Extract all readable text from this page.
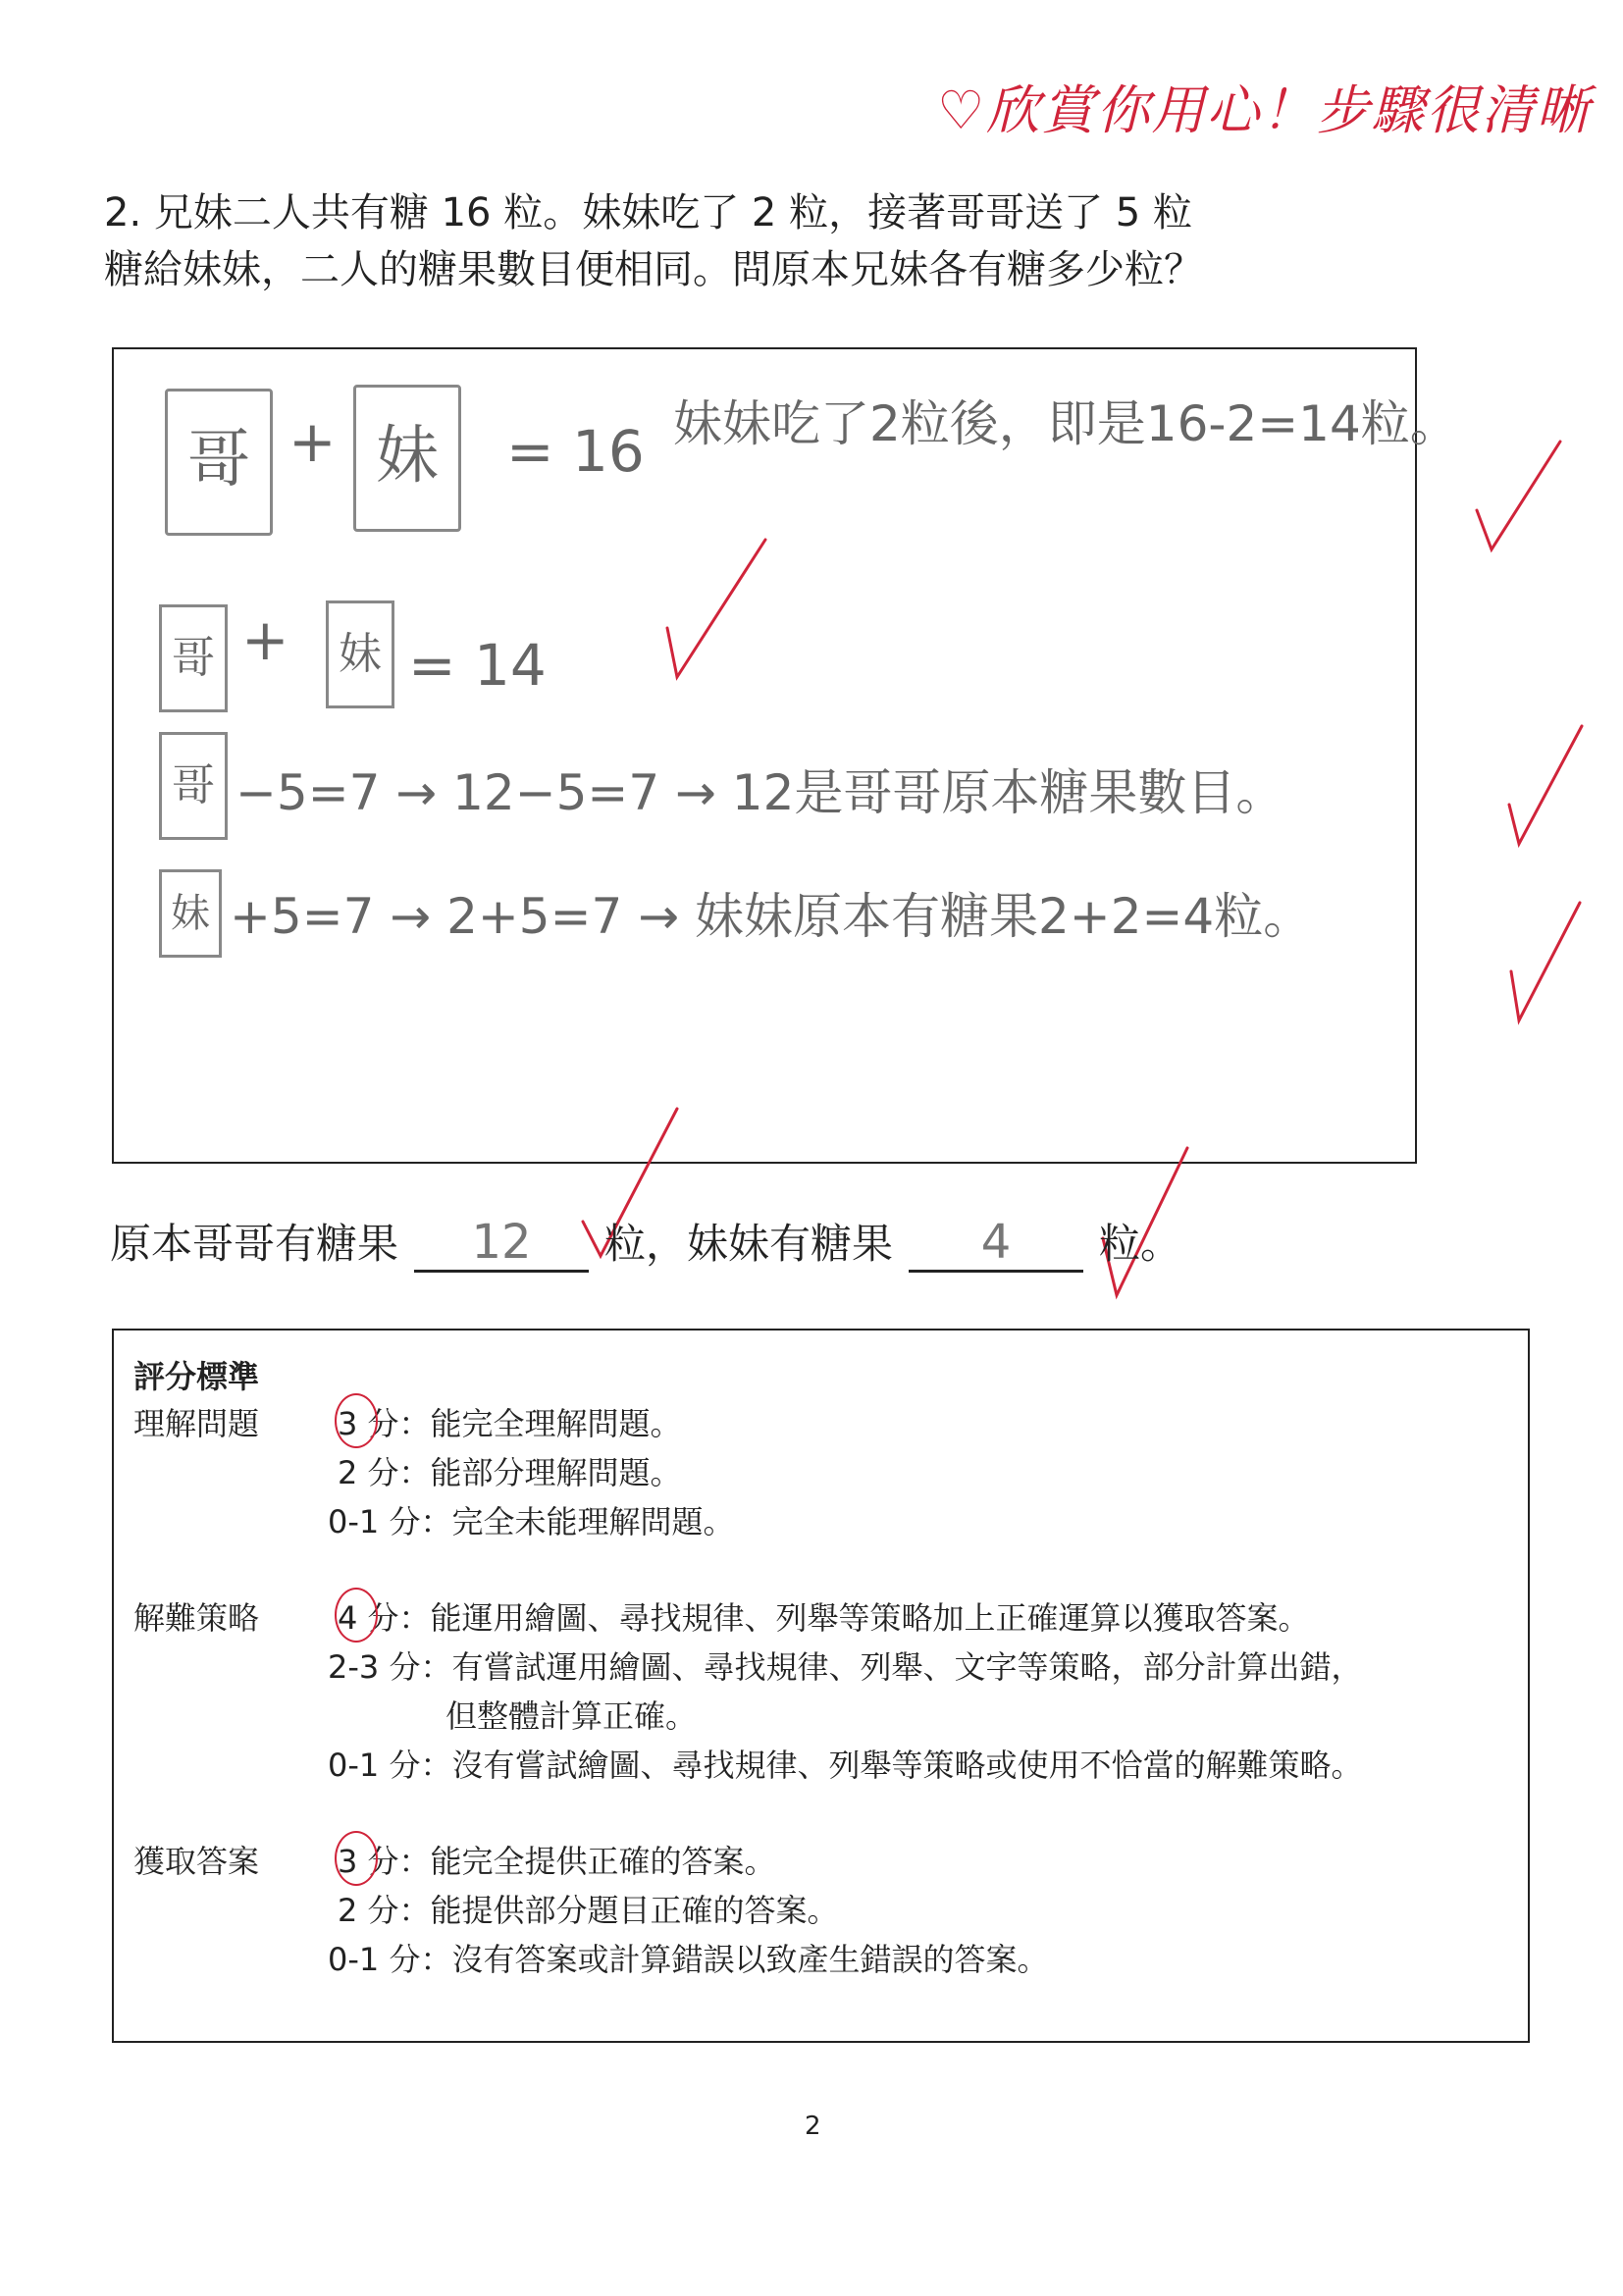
♡欣賞你用心！步驟很清晰
2. 兄妹二人共有糖 16 粒。妹妹吃了 2 粒，接著哥哥送了 5 粒
糖給妹妹，二人的糖果數目便相同。問原本兄妹各有糖多少粒？
哥 + 妹	= 16 妹妹吃了2粒後，即是16-2=14粒。
哥 + 妹 = 14
哥 −5=7 → 12−5=7 → 12是哥哥原本糖果數目。
妹 +5=7 → 2+5=7 → 妹妹原本有糖果2+2=4粒。
原本哥哥有糖果 12 粒，妹妹有糖果 4 粒。
評分標準
理解問題 3 分：能完全理解問題。
2 分：能部分理解問題。
0-1 分：完全未能理解問題。
解難策略 4 分：能運用繪圖、尋找規律、列舉等策略加上正確運算以獲取答案。
2-3 分：有嘗試運用繪圖、尋找規律、列舉、文字等策略，部分計算出錯，
但整體計算正確。
0-1 分：沒有嘗試繪圖、尋找規律、列舉等策略或使用不恰當的解難策略。
獲取答案 3 分：能完全提供正確的答案。
2 分：能提供部分題目正確的答案。
0-1 分：沒有答案或計算錯誤以致產生錯誤的答案。
2
